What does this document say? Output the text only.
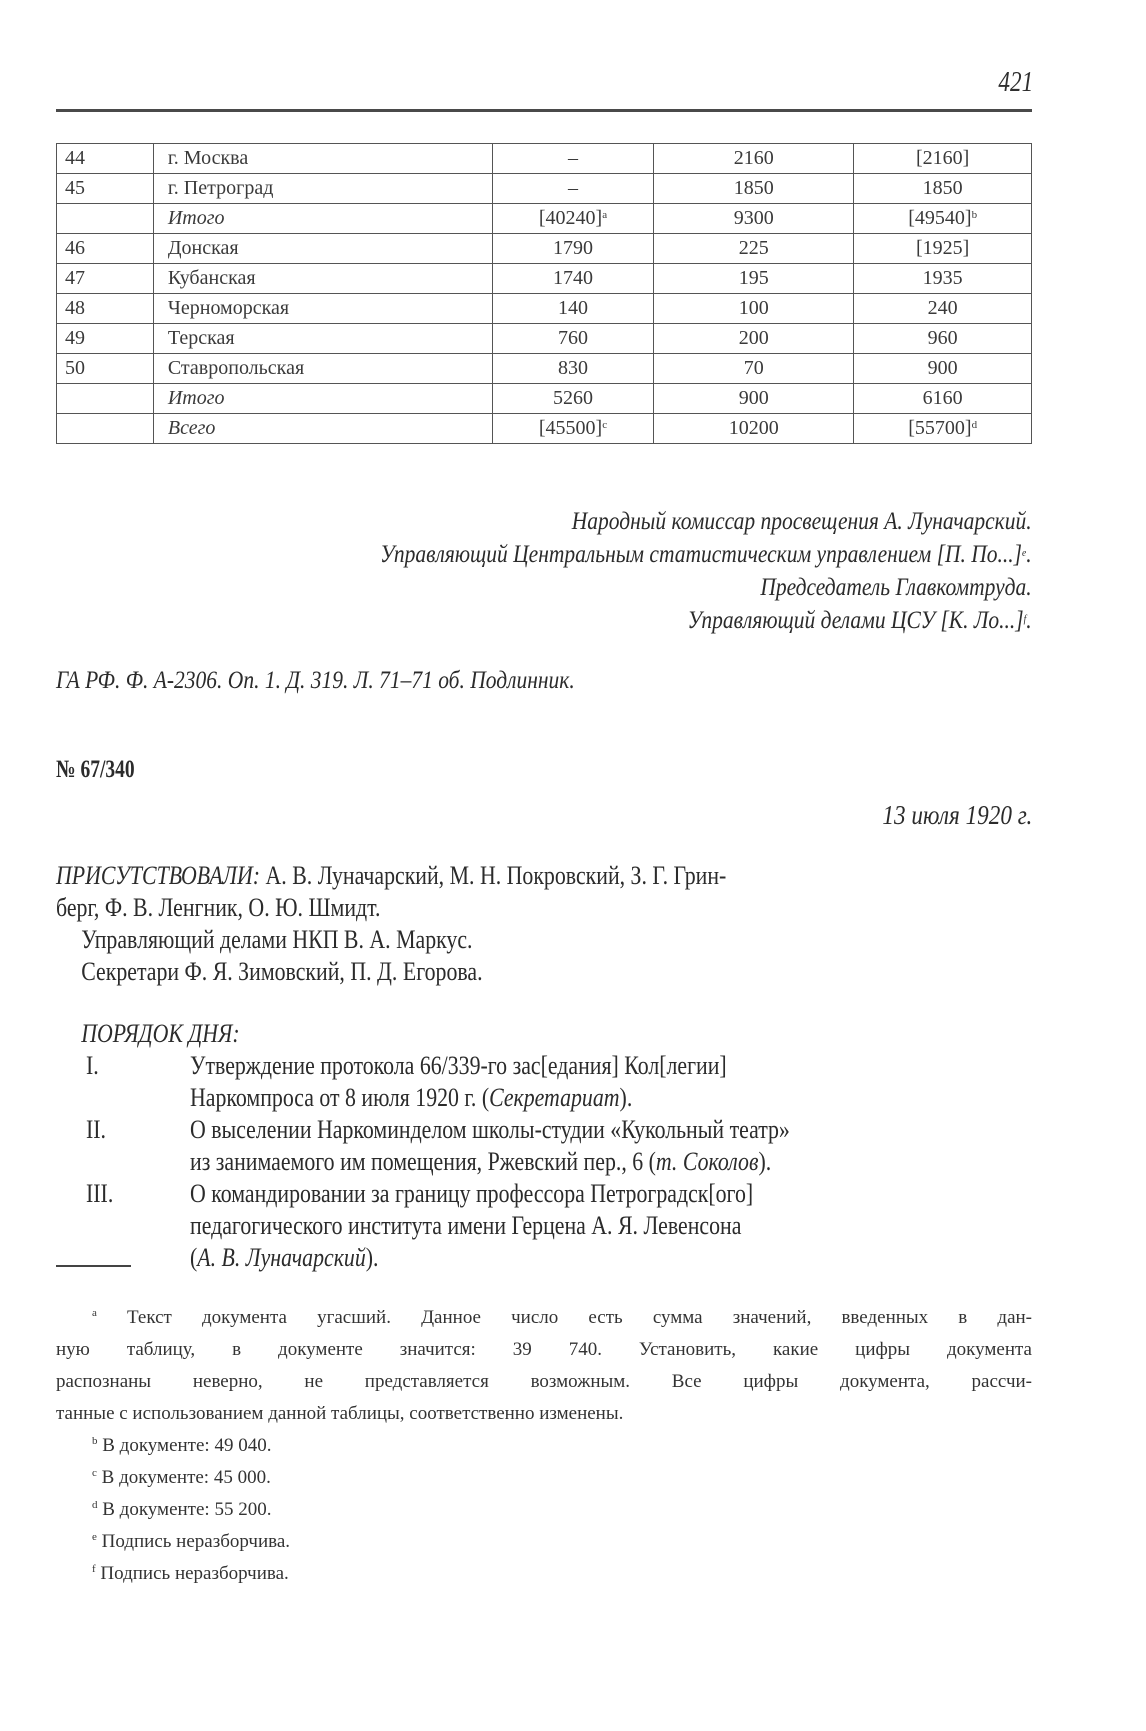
421
44	г. Москва	–	2160	[2160]
45	г. Петроград	–	1850	1850
	Итого	$[40240]^a$	9300	$[49540]^b$
46	Донская	1790	225	[1925]
47	Кубанская	1740	195	1935
48	Черноморская	140	100	240
49	Терская	760	200	960
50	Ставропольская	830	70	900
	Итого	5260	900	6160
	Всего	$[45500]^c$	10200	$[55700]^d$
Народный комиссар просвещения А. Луначарский.
Управляющий Центральным статистическим управлением [П. По...]$^e$.
Председатель Главкомтруда.
Управляющий делами ЦСУ [К. Ло...]$^f$.
ГА РФ. Ф. А-2306. Оп. 1. Д. 319. Л. 71–71 об. Подлинник.
№ 67/340
13 июля 1920 г.
ПРИСУТСТВОВАЛИ: А. В. Луначарский, М. Н. Покровский, З. Г. Грин-
берг, Ф. В. Ленгник, О. Ю. Шмидт.
Управляющий делами НКП В. А. Маркус.
Секретари Ф. Я. Зимовский, П. Д. Егорова.
ПОРЯДОК ДНЯ:
I.	Утверждение протокола 66/339-го зас[едания] Кол[легии]
Наркомпроса от 8 июля 1920 г. (Секретариат).
II.	О выселении Наркоминделом школы-студии «Кукольный театр»
из занимаемого им помещения, Ржевский пер., 6 (т. Соколов).
III.	О командировании за границу профессора Петроградск[ого]
педагогического института имени Герцена А. Я. Левенсона
(А. В. Луначарский).
$^a$ Текст документа угасший. Данное число есть сумма значений, введенных в дан-
ную таблицу, в документе значится: 39 740. Установить, какие цифры документа
распознаны неверно, не представляется возможным. Все цифры документа, рассчи-
танные с использованием данной таблицы, соответственно изменены.
$^b$ В документе: 49 040.
$^c$ В документе: 45 000.
$^d$ В документе: 55 200.
$^e$ Подпись неразборчива.
$^f$ Подпись неразборчива.
